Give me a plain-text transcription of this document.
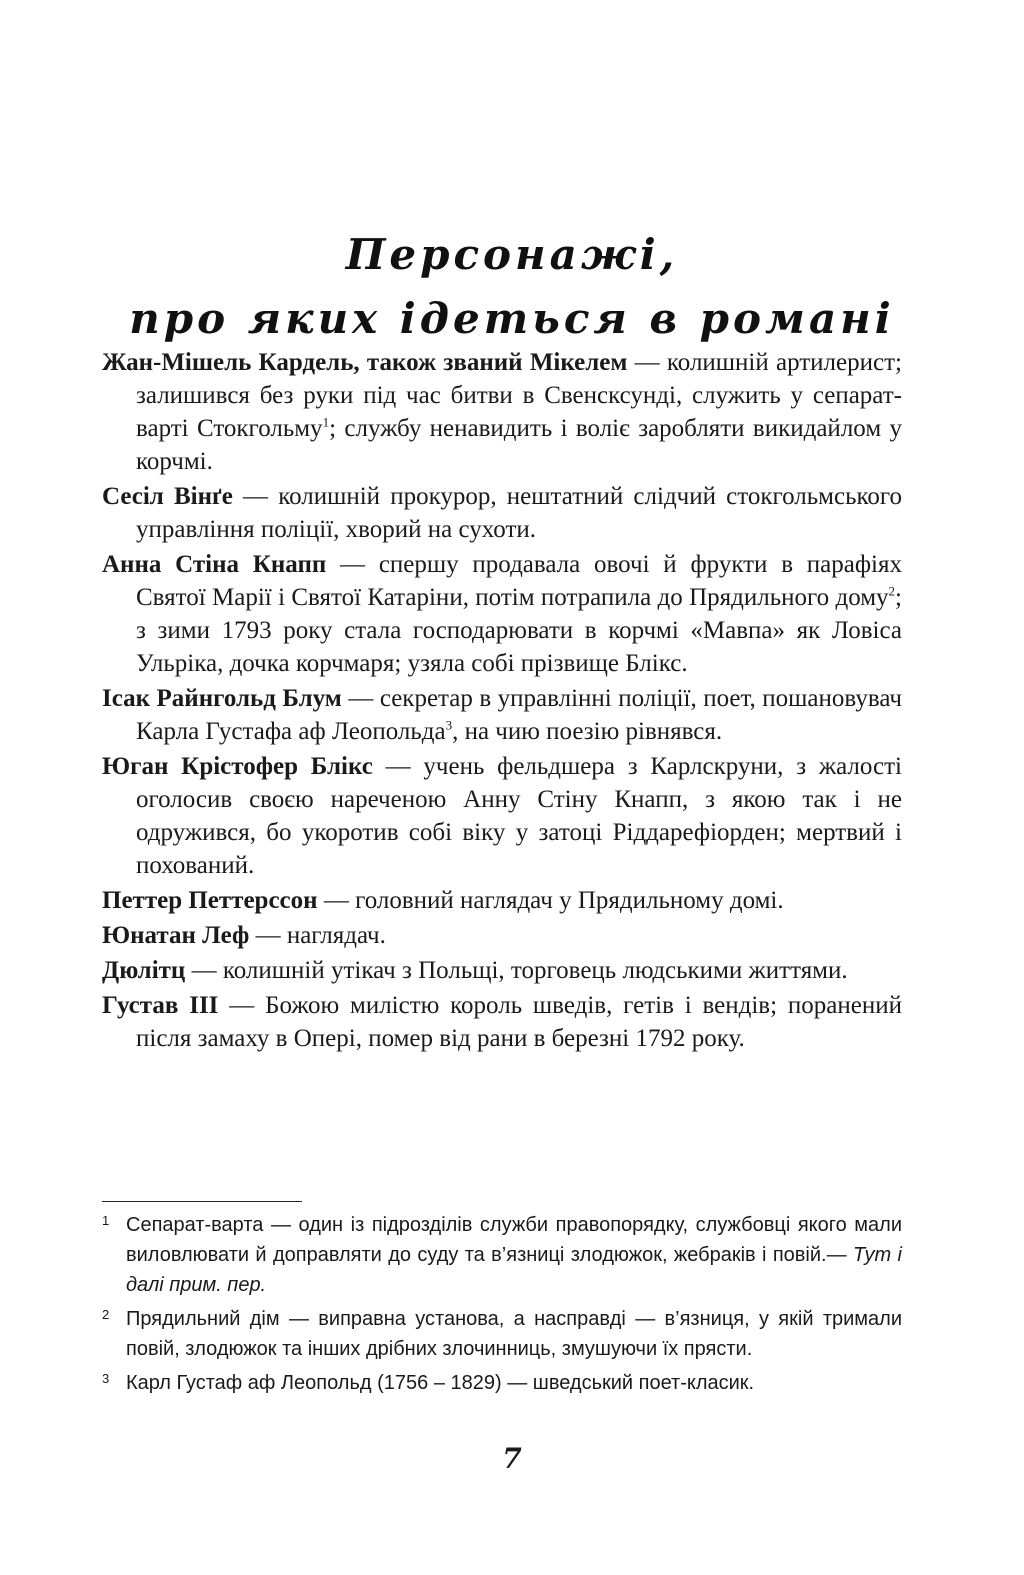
Персонажі,
про яких ідеться в романі

Жан-Мішель Кардель, також званий Мікелем — колишній артилерист; залишився без руки під час битви в Свенсксунді, служить у сепарат-варті Стокгольму$^1$; службу ненавидить і воліє заробляти викидайлом у корчмі.

Сесіл Вінґе — колишній прокурор, нештатний слідчий стокгольмського управління поліції, хворий на сухоти.

Анна Стіна Кнапп — спершу продавала овочі й фрукти в парафіях Святої Марії і Святої Катаріни, потім потрапила до Прядильного дому$^2$; з зими 1793 року стала господарювати в корчмі «Мавпа» як Ловіса Ульріка, дочка корчмаря; узяла собі прізвище Блікс.

Ісак Райнгольд Блум — секретар в управлінні поліції, поет, пошановувач Карла Густафа аф Леопольда$^3$, на чию поезію рівнявся.

Юган Крістофер Блікс — учень фельдшера з Карлскруни, з жалості оголосив своєю нареченою Анну Стіну Кнапп, з якою так і не одружився, бо укоротив собі віку у затоці Ріддарефіорден; мертвий і похований.

Петтер Петтерссон — головний наглядач у Прядильному домі.

Юнатан Леф — наглядач.

Дюлітц — колишній утікач з Польщі, торговець людськими життями.

Густав III — Божою милістю король шведів, гетів і вендів; поранений після замаху в Опері, помер від рани в березні 1792 року.

1 Сепарат-варта — один із підрозділів служби правопорядку, службовці якого мали виловлювати й доправляти до суду та в’язниці злодюжок, жебраків і повій.— Тут і далі прим. пер.
2 Прядильний дім — виправна установа, а насправді — в’язниця, у якій тримали повій, злодюжок та інших дрібних злочинниць, змушуючи їх прясти.
3 Карл Густаф аф Леопольд (1756 – 1829) — шведський поет-класик.
7
